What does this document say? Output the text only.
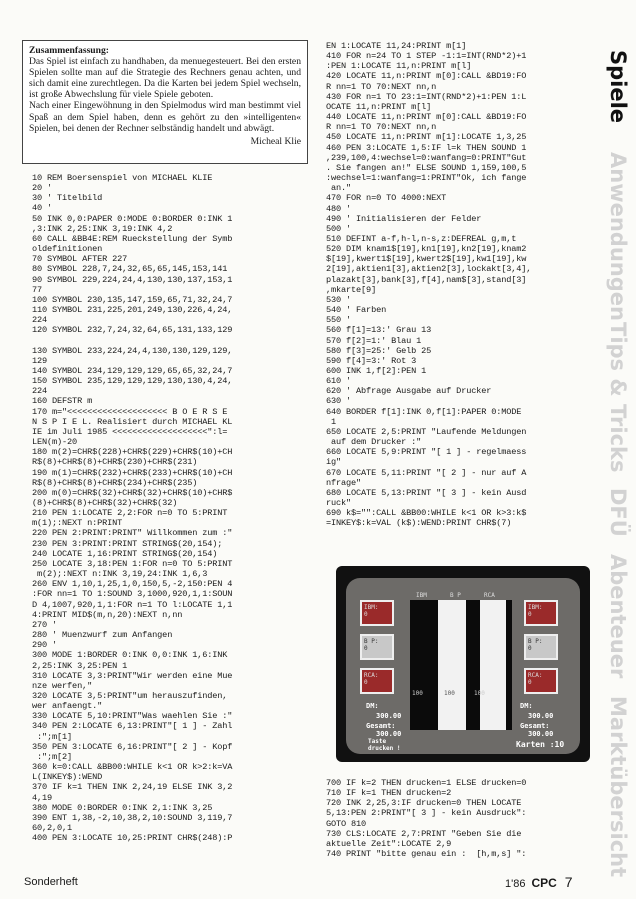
Zusammenfassung:
Das Spiel ist einfach zu handhaben, da menuegesteuert. Bei den ersten Spielen sollte man auf die Strategie des Rechners genau achten, und sich damit eine zurechtlegen. Da die Karten bei jedem Spiel wechseln, ist große Abwechslung für viele Spiele geboten.
Nach einer Eingewöhnung in den Spielmodus wird man bestimmt viel Spaß an dem Spiel haben, denn es gehört zu den »intelligenten« Spielen, bei denen der Rechner selbständig handelt und abwägt.
Micheal Klie
10 REM Boersenspiel von MICHAEL KLIE
20 '
30 ' Titelbild
40 '
50 INK 0,0:PAPER 0:MODE 0:BORDER 0:INK 1
,3:INK 2,25:INK 3,19:INK 4,2
60 CALL &BB4E:REM Rueckstellung der Symb
oldefinitionen
70 SYMBOL AFTER 227
80 SYMBOL 228,7,24,32,65,65,145,153,141
90 SYMBOL 229,224,24,4,130,130,137,153,1
77
100 SYMBOL 230,135,147,159,65,71,32,24,7
110 SYMBOL 231,225,201,249,130,226,4,24,
224
120 SYMBOL 232,7,24,32,64,65,131,133,129

130 SYMBOL 233,224,24,4,130,130,129,129,
129
140 SYMBOL 234,129,129,129,65,65,32,24,7
150 SYMBOL 235,129,129,129,130,130,4,24,
224
160 DEFSTR m
170 m="<<<<<<<<<<<<<<<<<<<< B O E R S E
N S P I E L. Realisiert durch MICHAEL KL
IE im Juli 1985 <<<<<<<<<<<<<<<<<<<":l=
LEN(m)-20
180 m(2)=CHR$(228)+CHR$(229)+CHR$(10)+CH
R$(8)+CHR$(8)+CHR$(230)+CHR$(231)
190 m(1)=CHR$(232)+CHR$(233)+CHR$(10)+CH
R$(8)+CHR$(8)+CHR$(234)+CHR$(235)
200 m(0)=CHR$(32)+CHR$(32)+CHR$(10)+CHR$
(8)+CHR$(8)+CHR$(32)+CHR$(32)
210 PEN 1:LOCATE 2,2:FOR n=0 TO 5:PRINT
m(1);:NEXT n:PRINT
220 PEN 2:PRINT:PRINT" Willkommen zum :"
230 PEN 3:PRINT:PRINT STRING$(20,154);
240 LOCATE 1,16:PRINT STRING$(20,154)
250 LOCATE 3,18:PEN 1:FOR n=0 TO 5:PRINT
m(2);:NEXT n:INK 3,19,24:INK 1,6,3
260 ENV 1,10,1,25,1,0,150,5,-2,150:PEN 4
:FOR nn=1 TO 1:SOUND 3,1000,920,1,1:SOUN
D 4,1007,920,1,1:FOR n=1 TO l:LOCATE 1,1
4:PRINT MID$(m,n,20):NEXT n,nn
270 '
280 ' Muenzwurf zum Anfangen
290 '
300 MODE 1:BORDER 0:INK 0,0:INK 1,6:INK
2,25:INK 3,25:PEN 1
310 LOCATE 3,3:PRINT"Wir werden eine Mue
nze werfen,"
320 LOCATE 3,5:PRINT"um herauszufinden,
wer anfaengt."
330 LOCATE 5,10:PRINT"Was waehlen Sie :"
340 PEN 2:LOCATE 6,13:PRINT"[ 1 ] - Zahl
:";m[1]
350 PEN 3:LOCATE 6,16:PRINT"[ 2 ] - Kopf
:";m[2]
360 k=0:CALL &BB00:WHILE k<1 OR k>2:k=VA
L(INKEY$):WEND
370 IF k=1 THEN INK 2,24,19 ELSE INK 3,2
4,19
380 MODE 0:BORDER 0:INK 2,1:INK 3,25
390 ENT 1,38,-2,10,38,2,10:SOUND 3,119,7
60,2,0,1
400 PEN 3:LOCATE 10,25:PRINT CHR$(248):P
EN 1:LOCATE 11,24:PRINT m[1]
410 FOR n=24 TO 1 STEP -1:1=INT(RND*2)+1
:PEN 1:LOCATE 11,n:PRINT m[l]
420 LOCATE 11,n:PRINT m[0]:CALL &BD19:FO
R nn=1 TO 70:NEXT nn,n
430 FOR n=1 TO 23:1=INT(RND*2)+1:PEN 1:L
OCATE 11,n:PRINT m[l]
440 LOCATE 11,n:PRINT m[0]:CALL &BD19:FO
R nn=1 TO 70:NEXT nn,n
450 LOCATE 11,n:PRINT m[1]:LOCATE 1,3,25
460 PEN 3:LOCATE 1,5:IF l=k THEN SOUND 1
,239,100,4:wechsel=0:wanfang=0:PRINT"Gut
. Sie fangen an!" ELSE SOUND 1,159,100,5
:wechsel=1:wanfang=1:PRINT"Ok, ich fange
an."
470 FOR n=0 TO 4000:NEXT
480 '
490 ' Initialisieren der Felder
500 '
510 DEFINT a-f,h-l,n-s,z:DEFREAL g,m,t
520 DIM knam1$[19],kn1[19],kn2[19],knam2
$[19],kwert1$[19],kwert2$[19],kw1[19],kw
2[19],aktien1[3],aktien2[3],lockakt[3,4],
plazakt[3],bank[3],f[4],nam$[3],stand[3]
,mkarte[9]
530 '
540 ' Farben
550 '
560 f[1]=13:' Grau 13
570 f[2]=1:' Blau 1
580 f[3]=25:' Gelb 25
590 f[4]=3:' Rot 3
600 INK 1,f[2]:PEN 1
610 '
620 ' Abfrage Ausgabe auf Drucker
630 '
640 BORDER f[1]:INK 0,f[1]:PAPER 0:MODE
1
650 LOCATE 2,5:PRINT "Laufende Meldungen
auf dem Drucker :"
660 LOCATE 5,9:PRINT "[ 1 ] - regelmaess
ig"
670 LOCATE 5,11:PRINT "[ 2 ] - nur auf A
nfrage"
680 LOCATE 5,13:PRINT "[ 3 ] - kein Ausd
ruck"
690 k$="":CALL &BB00:WHILE k<1 OR k>3:k$
=INKEY$:k=VAL (k$):WEND:PRINT CHR$(7)
IBM	B P	RCA
IBM:
0
B P:
0
RCA:
0
IBM:
0
B P:
0
RCA:
0
100	100	100
DM:
300.00
Gesamt:
300.00
Taste
drucken !
DM:
300.00
Gesamt:
300.00
Karten :10
700 IF k=2 THEN drucken=1 ELSE drucken=0
710 IF k=1 THEN drucken=2
720 INK 2,25,3:IF drucken=0 THEN LOCATE
5,13:PEN 2:PRINT"[ 3 ] - kein Ausdruck":
GOTO 810
730 CLS:LOCATE 2,7:PRINT "Geben Sie die
aktuelle Zeit":LOCATE 2,9
740 PRINT "bitte genau ein :  [h,m,s] ":
Spiele
Anwendungen
Tips & Tricks
DFÜ
Abenteuer
Marktübersicht
Sonderheft	1'86 CPC 7
